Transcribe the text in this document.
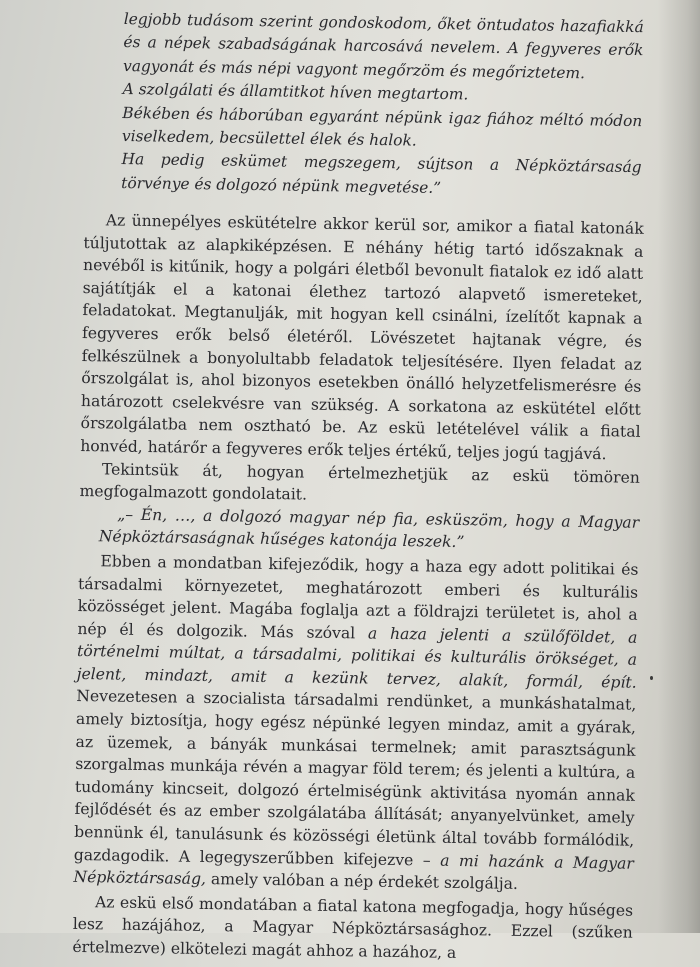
legjobb tudásom szerint gondoskodom, őket öntudatos hazafiakká és a népek szabadságának harcosává nevelem. A fegyveres erők vagyonát és más népi vagyont megőrzöm és megőriztetem.

A szolgálati és államtitkot híven megtartom.

Békében és háborúban egyaránt népünk igaz fiához méltó módon viselkedem, becsülettel élek és halok.

Ha pedig esküm​et megszegem, sújtson a Népköztársaság törvénye és dolgozó népünk megvetése.”

Az ünnepélyes eskütételre akkor kerül sor, amikor a fiatal katonák túljutottak az alapkiképzésen. E néhány hétig tartó időszaknak a nevéből is kitűnik, hogy a polgári életből bevonult fiatalok ez idő alatt sajátítják el a katonai élethez tartozó alapvető ismereteket, feladatokat. Megtanulják, mit hogyan kell csinálni, ízelítőt kapnak a fegyveres erők belső életéről. Lövészetet hajtanak végre, és felkészülnek a bonyolultabb feladatok teljesítésére. Ilyen feladat az őrszolgálat is, ahol bizonyos esetekben önálló helyzetfelismerésre és határozott cselekvésre van szükség. A sorkatona az eskütétel előtt őrszolgálatba nem osztható be. Az eskü letételével válik a fiatal honvéd, határőr a fegyveres erők teljes értékű, teljes jogú tagjává.

Tekintsük át, hogyan értelmezhetjük az eskü tömören megfogalmazott gondolatait.

„– Én, …, a dolgozó magyar nép fia, esküszöm, hogy a Magyar Népköztársaságnak hűséges katonája leszek.”

Ebben a mondatban kifejeződik, hogy a haza egy adott politikai és társadalmi környezetet, meghatározott emberi és kulturális közösséget jelent. Magába foglalja azt a földrajzi területet is, ahol a nép él és dolgozik. Más szóval a haza jelenti a szülőföldet, a történelmi múltat, a társadalmi, politikai és kulturális örökséget, a jelent, mindazt, amit a kezünk tervez, alakít, formál, épít. Nevezetesen a szocialista társadalmi rendünket, a munkáshatalmat, amely biztosítja, hogy egész népünké legyen mindaz, amit a gyárak, az üzemek, a bányák munkásai termelnek; amit parasztságunk szorgalmas munkája révén a magyar föld terem; és jelenti a kultúra, a tudomány kincseit, dolgozó értelmiségünk aktivitása nyomán annak fejlődését és az ember szolgálatába állítását; anyanyelvünket, amely bennünk él, tanulásunk és közösségi életünk által tovább formálódik, gazdagodik. A legegyszerűbben kifejezve – a mi hazánk a Magyar Népköztársaság, amely valóban a nép érdekét szolgálja.

Az eskü első mondatában a fiatal katona megfogadja, hogy hűséges lesz hazájához, a Magyar Népköztársasághoz. Ezzel (szűken értelmezve) elkötelezi magát ahhoz a hazához, a
